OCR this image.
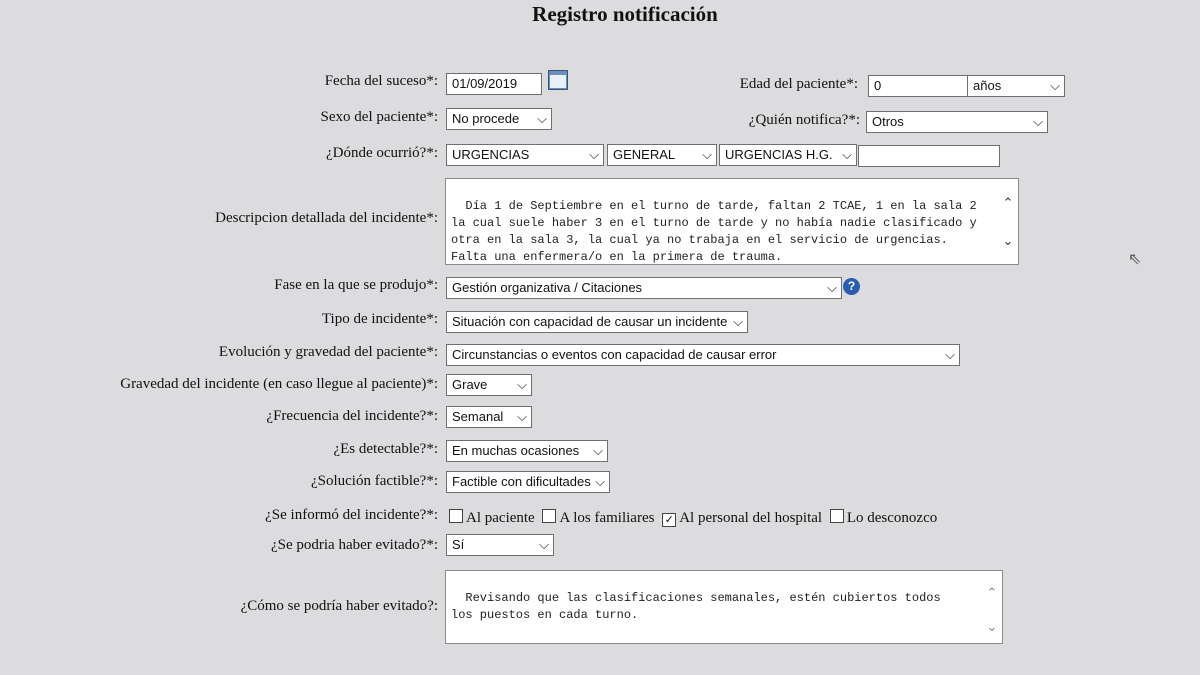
Registro notificación
Fecha del suceso*:	01/09/2019	Edad del paciente*:	0	años	⌵
Sexo del paciente*:	No procede ⌵	¿Quién notifica?*: Otros	⌵
¿Dónde ocurrió?*:	URGENCIAS	⌵	GENERAL ⌵	URGENCIAS H.G. ⌵
Descripcion detallada del incidente*:

Día 1 de Septiembre en el turno de tarde, faltan 2 TCAE, 1 en la sala 2 la cual suele haber 3 en el turno de tarde y no había nadie clasificado y otra en la sala 3, la cual ya no trabaja en el servicio de urgencias. Falta una enfermera/o en la primera de trauma.

⌃

⌄

Fase en la que se produjo*:	Gestión organizativa / Citaciones	⌵ ?
Tipo de incidente*:	Situación con capacidad de causar un incidente ⌵
Evolución y gravedad del paciente*:	Circunstancias o eventos con capacidad de causar error	⌵
Gravedad del incidente (en caso llegue al paciente)*:	Grave ⌵
¿Frecuencia del incidente?*:	Semanal ⌵
¿Es detectable?*:	En muchas ocasiones ⌵
¿Solución factible?*:	Factible con dificultades ⌵
¿Se informó del incidente?*:	Al paciente A los familiares ✓ Al personal del hospital Lo desconozco
¿Se podria haber evitado?*:	Sí	⌵
¿Cómo se podría haber evitado?:	Revisando que las clasificaciones semanales, estén cubiertos todos los puestos en cada turno.

⌃

⌄

⇖
